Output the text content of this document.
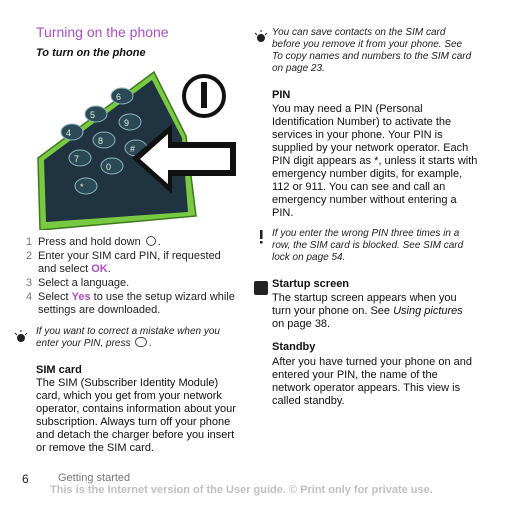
Turning on the phone
To turn on the phone
4
5
6
7
8
9
*
0
#
1 Press and hold down .
2 Enter your SIM card PIN, if requested and select OK.
3 Select a language.
4 Select Yes to use the setup wizard while settings are downloaded.
If you want to correct a mistake when you enter your PIN, press .
SIM card
The SIM (Subscriber Identity Module) card, which you get from your network operator, contains information about your subscription. Always turn off your phone and detach the charger before you insert or remove the SIM card.
You can save contacts on the SIM card before you remove it from your phone. See To copy names and numbers to the SIM card on page 23.
PIN
You may need a PIN (Personal Identification Number) to activate the services in your phone. Your PIN is supplied by your network operator. Each PIN digit appears as *, unless it starts with emergency number digits, for example, 112 or 911. You can see and call an emergency number without entering a PIN.
If you enter the wrong PIN three times in a row, the SIM card is blocked. See SIM card lock on page 54.
Startup screen
The startup screen appears when you turn your phone on. See Using pictures on page 38.
Standby
After you have turned your phone on and entered your PIN, the name of the network operator appears. This view is called standby.
6	Getting started
This is the Internet version of the User guide. © Print only for private use.
